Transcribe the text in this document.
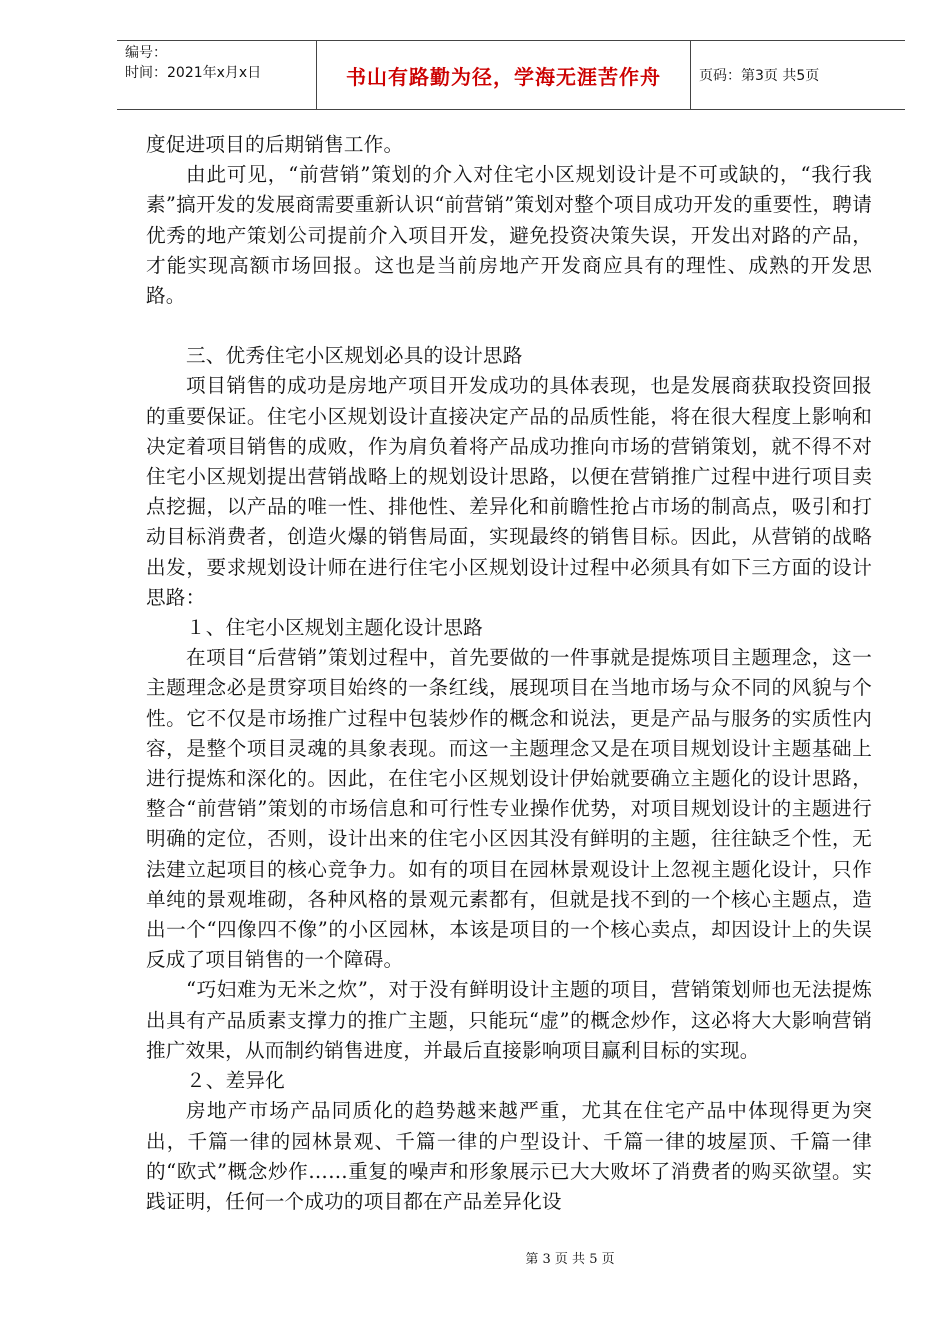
编号：
时间：2021年x月x日	书山有路勤为径，学海无涯苦作舟	页码：第3页 共5页

度促进项目的后期销售工作。

由此可见，“前营销”策划的介入对住宅小区规划设计是不可或缺的，“我行我素”搞开发的发展商需要重新认识“前营销”策划对整个项目成功开发的重要性，聘请优秀的地产策划公司提前介入项目开发，避免投资决策失误，开发出对路的产品，才能实现高额市场回报。这也是当前房地产开发商应具有的理性、成熟的开发思路。

三、优秀住宅小区规划必具的设计思路

项目销售的成功是房地产项目开发成功的具体表现，也是发展商获取投资回报的重要保证。住宅小区规划设计直接决定产品的品质性能，将在很大程度上影响和决定着项目销售的成败，作为肩负着将产品成功推向市场的营销策划，就不得不对住宅小区规划提出营销战略上的规划设计思路，以便在营销推广过程中进行项目卖点挖掘，以产品的唯一性、排他性、差异化和前瞻性抢占市场的制高点，吸引和打动目标消费者，创造火爆的销售局面，实现最终的销售目标。因此，从营销的战略出发，要求规划设计师在进行住宅小区规划设计过程中必须具有如下三方面的设计思路：

１、住宅小区规划主题化设计思路

在项目“后营销”策划过程中，首先要做的一件事就是提炼项目主题理念，这一主题理念必是贯穿项目始终的一条红线，展现项目在当地市场与众不同的风貌与个性。它不仅是市场推广过程中包装炒作的概念和说法，更是产品与服务的实质性内容，是整个项目灵魂的具象表现。而这一主题理念又是在项目规划设计主题基础上进行提炼和深化的。因此，在住宅小区规划设计伊始就要确立主题化的设计思路，整合“前营销”策划的市场信息和可行性专业操作优势，对项目规划设计的主题进行明确的定位，否则，设计出来的住宅小区因其没有鲜明的主题，往往缺乏个性，无法建立起项目的核心竞争力。如有的项目在园林景观设计上忽视主题化设计，只作单纯的景观堆砌，各种风格的景观元素都有，但就是找不到的一个核心主题点，造出一个“四像四不像”的小区园林，本该是项目的一个核心卖点，却因设计上的失误反成了项目销售的一个障碍。

“巧妇难为无米之炊”，对于没有鲜明设计主题的项目，营销策划师也无法提炼出具有产品质素支撑力的推广主题，只能玩“虚”的概念炒作，这必将大大影响营销推广效果，从而制约销售进度，并最后直接影响项目赢利目标的实现。

２、差异化

房地产市场产品同质化的趋势越来越严重，尤其在住宅产品中体现得更为突出，千篇一律的园林景观、千篇一律的户型设计、千篇一律的坡屋顶、千篇一律的“欧式”概念炒作……重复的噪声和形象展示已大大败坏了消费者的购买欲望。实践证明，任何一个成功的项目都在产品差异化设

第 3 页 共 5 页
